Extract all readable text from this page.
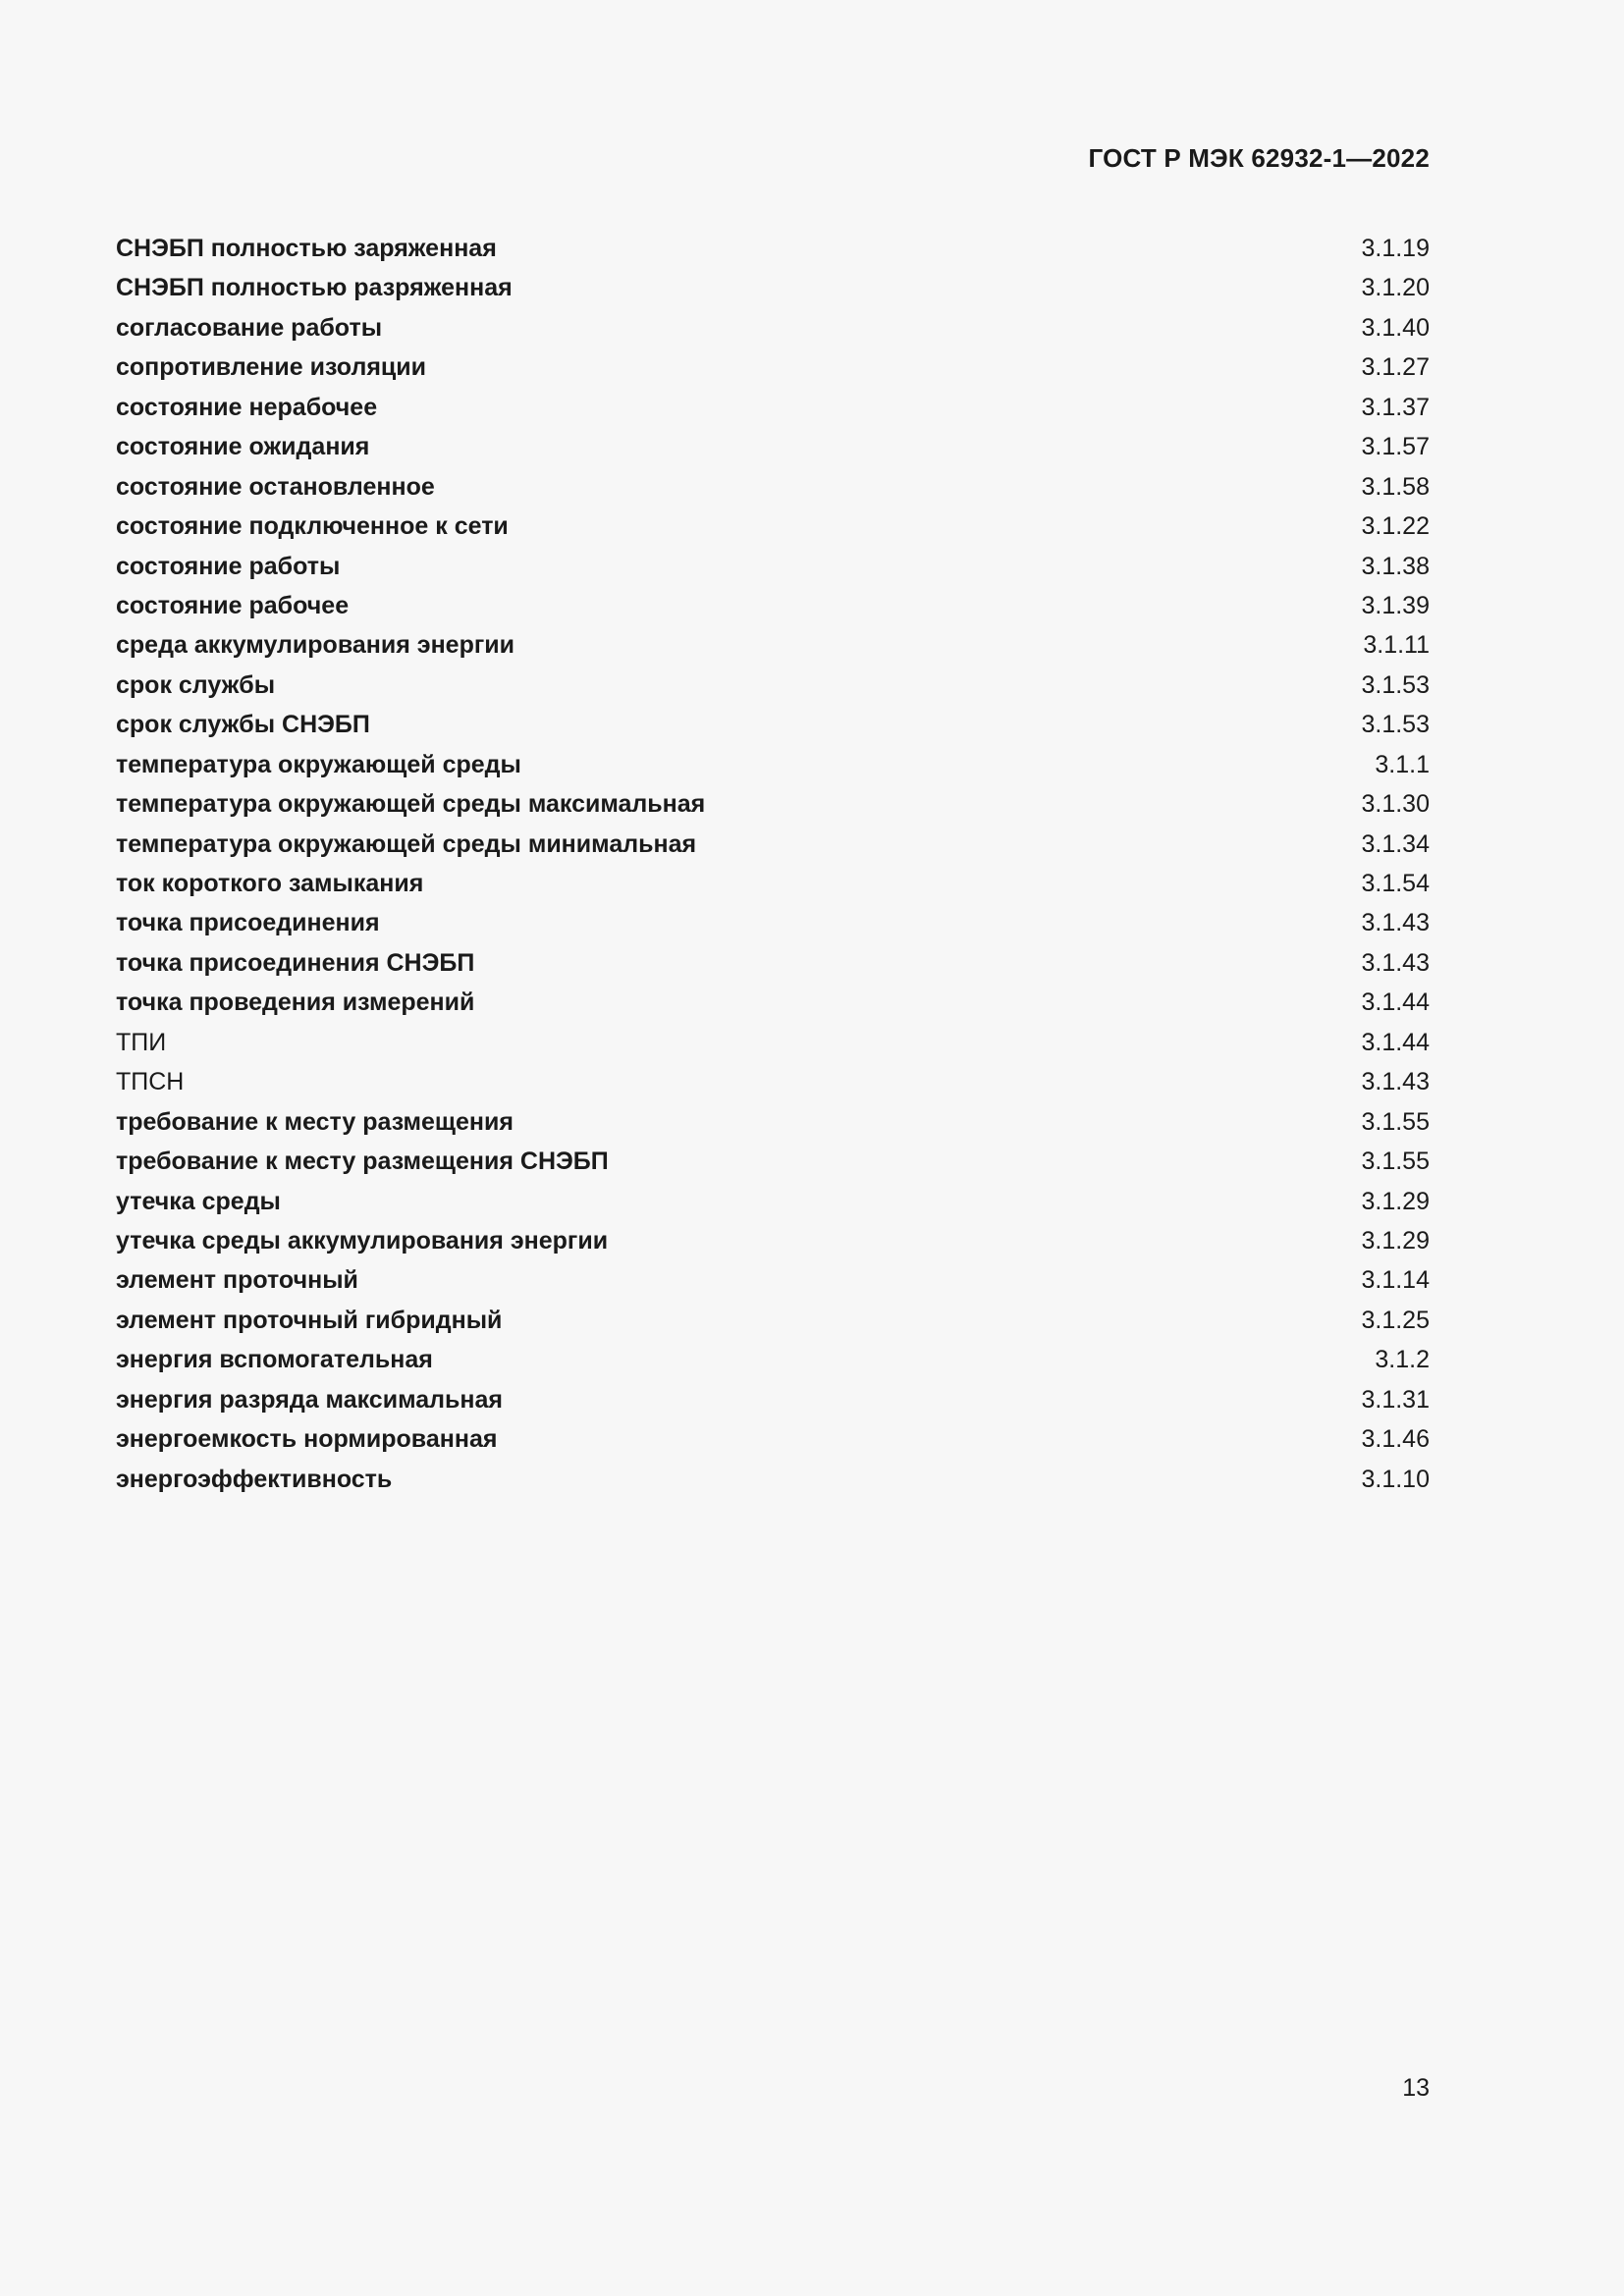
ГОСТ Р МЭК 62932-1—2022
СНЭБП полностью заряженная	3.1.19
СНЭБП полностью разряженная	3.1.20
согласование работы	3.1.40
сопротивление изоляции	3.1.27
состояние нерабочее	3.1.37
состояние ожидания	3.1.57
состояние остановленное	3.1.58
состояние подключенное к сети	3.1.22
состояние работы	3.1.38
состояние рабочее	3.1.39
среда аккумулирования энергии	3.1.11
срок службы	3.1.53
срок службы СНЭБП	3.1.53
температура окружающей среды	3.1.1
температура окружающей среды максимальная	3.1.30
температура окружающей среды минимальная	3.1.34
ток короткого замыкания	3.1.54
точка присоединения	3.1.43
точка присоединения СНЭБП	3.1.43
точка проведения измерений	3.1.44
ТПИ	3.1.44
ТПСН	3.1.43
требование к месту размещения	3.1.55
требование к месту размещения СНЭБП	3.1.55
утечка среды	3.1.29
утечка среды аккумулирования энергии	3.1.29
элемент проточный	3.1.14
элемент проточный гибридный	3.1.25
энергия вспомогательная	3.1.2
энергия разряда максимальная	3.1.31
энергоемкость нормированная	3.1.46
энергоэффективность	3.1.10
13
